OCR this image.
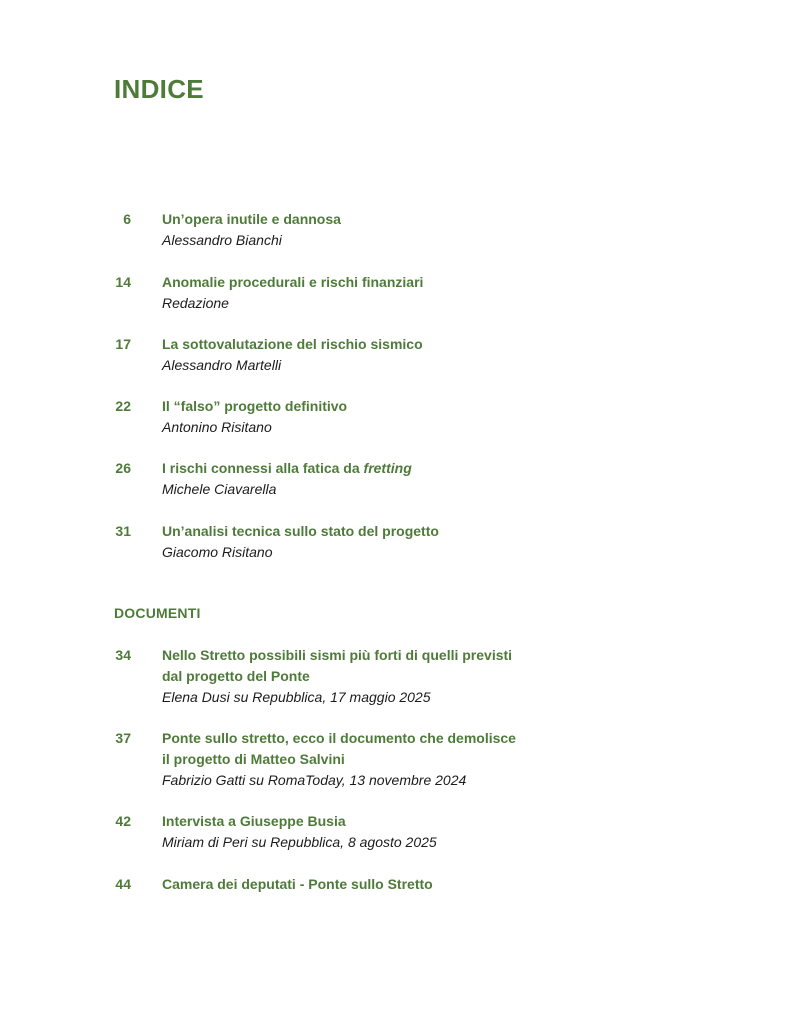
INDICE
6 Un’opera inutile e dannosa
Alessandro Bianchi
14 Anomalie procedurali e rischi finanziari
Redazione
17 La sottovalutazione del rischio sismico
Alessandro Martelli
22 Il “falso” progetto definitivo
Antonino Risitano
26 I rischi connessi alla fatica da fretting
Michele Ciavarella
31 Un’analisi tecnica sullo stato del progetto
Giacomo Risitano
DOCUMENTI
34 Nello Stretto possibili sismi più forti di quelli previsti
dal progetto del Ponte
Elena Dusi su Repubblica, 17 maggio 2025
37 Ponte sullo stretto, ecco il documento che demolisce
il progetto di Matteo Salvini
Fabrizio Gatti su RomaToday, 13 novembre 2024
42 Intervista a Giuseppe Busia
Miriam di Peri su Repubblica, 8 agosto 2025
44 Camera dei deputati - Ponte sullo Stretto
